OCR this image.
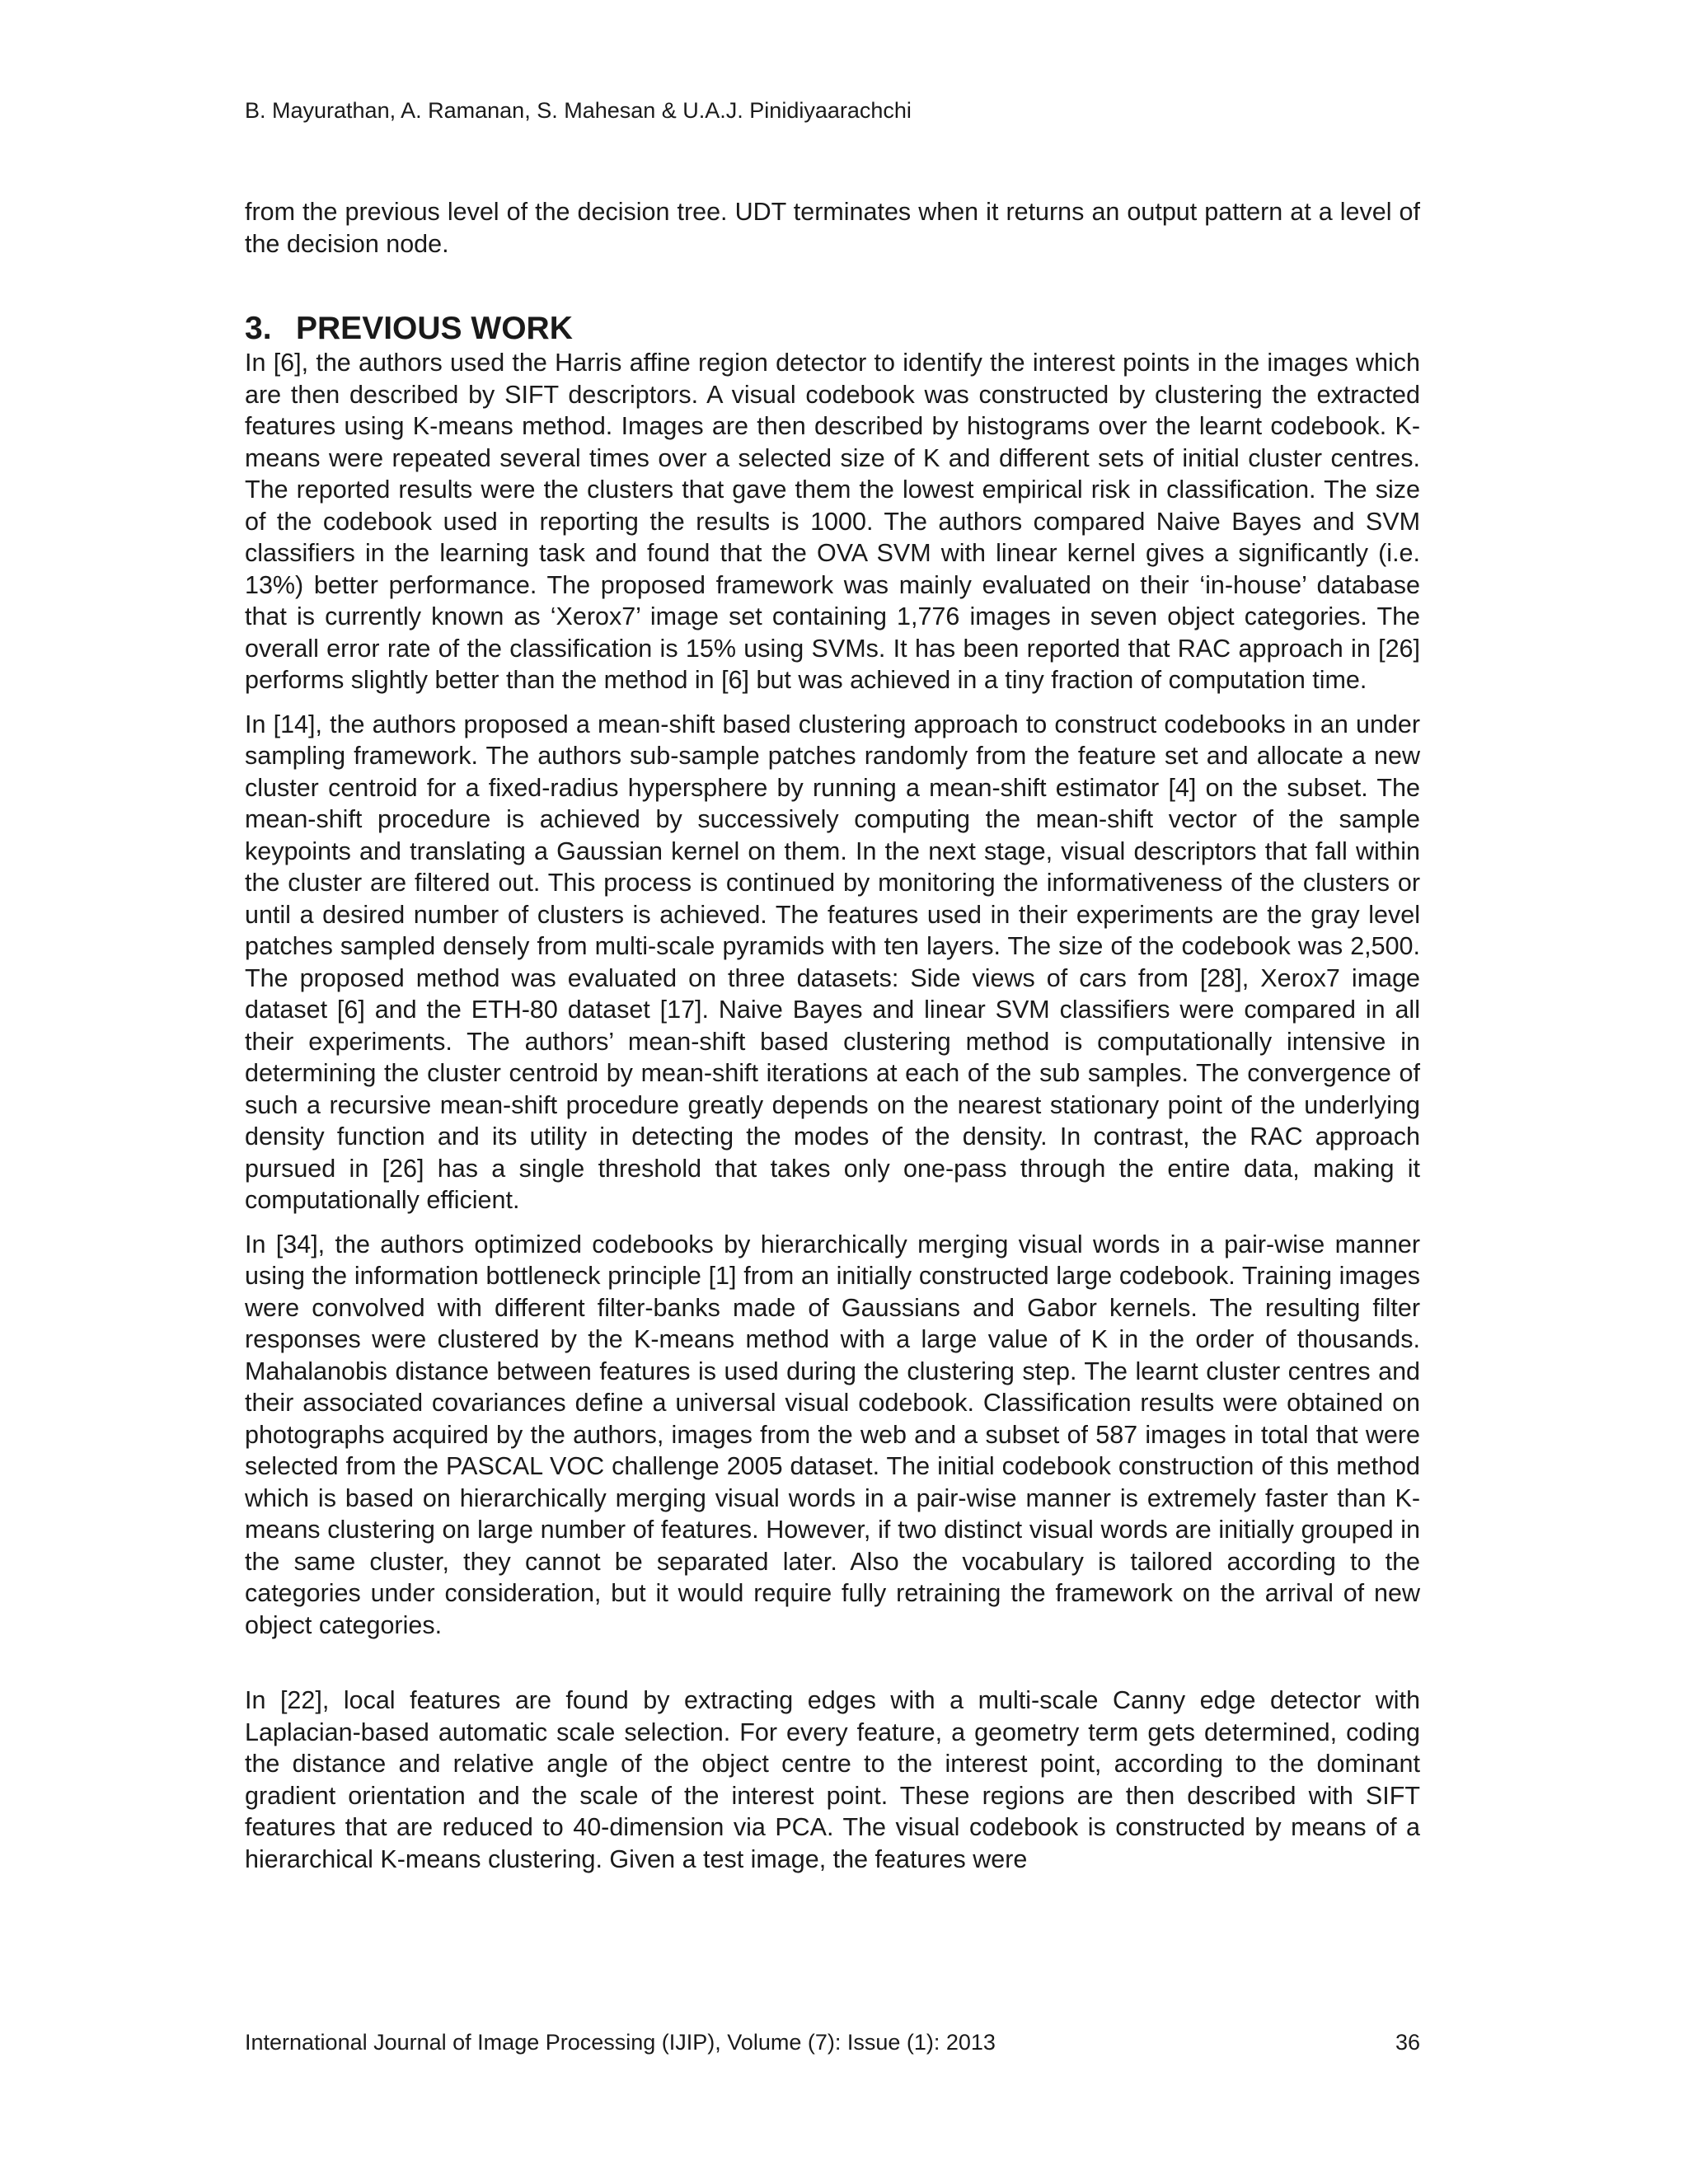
B. Mayurathan, A. Ramanan, S. Mahesan & U.A.J. Pinidiyaarachchi
from the previous level of the decision tree. UDT terminates when it returns an output pattern at a level of the decision node.
3. PREVIOUS WORK

In [6], the authors used the Harris affine region detector to identify the interest points in the images which are then described by SIFT descriptors. A visual codebook was constructed by clustering the extracted features using K-means method. Images are then described by histograms over the learnt codebook. K-means were repeated several times over a selected size of K and different sets of initial cluster centres. The reported results were the clusters that gave them the lowest empirical risk in classification. The size of the codebook used in reporting the results is 1000. The authors compared Naive Bayes and SVM classifiers in the learning task and found that the OVA SVM with linear kernel gives a significantly (i.e. 13%) better performance. The proposed framework was mainly evaluated on their ‘in-house’ database that is currently known as ‘Xerox7’ image set containing 1,776 images in seven object categories. The overall error rate of the classification is 15% using SVMs. It has been reported that RAC approach in [26] performs slightly better than the method in [6] but was achieved in a tiny fraction of computation time.

In [14], the authors proposed a mean-shift based clustering approach to construct codebooks in an under sampling framework. The authors sub-sample patches randomly from the feature set and allocate a new cluster centroid for a fixed-radius hypersphere by running a mean-shift estimator [4] on the subset. The mean-shift procedure is achieved by successively computing the mean-shift vector of the sample keypoints and translating a Gaussian kernel on them. In the next stage, visual descriptors that fall within the cluster are filtered out. This process is continued by monitoring the informativeness of the clusters or until a desired number of clusters is achieved. The features used in their experiments are the gray level patches sampled densely from multi-scale pyramids with ten layers. The size of the codebook was 2,500. The proposed method was evaluated on three datasets: Side views of cars from [28], Xerox7 image dataset [6] and the ETH-80 dataset [17]. Naive Bayes and linear SVM classifiers were compared in all their experiments. The authors’ mean-shift based clustering method is computationally intensive in determining the cluster centroid by mean-shift iterations at each of the sub samples. The convergence of such a recursive mean-shift procedure greatly depends on the nearest stationary point of the underlying density function and its utility in detecting the modes of the density. In contrast, the RAC approach pursued in [26] has a single threshold that takes only one-pass through the entire data, making it computationally efficient.

In [34], the authors optimized codebooks by hierarchically merging visual words in a pair-wise manner using the information bottleneck principle [1] from an initially constructed large codebook. Training images were convolved with different filter-banks made of Gaussians and Gabor kernels. The resulting filter responses were clustered by the K-means method with a large value of K in the order of thousands. Mahalanobis distance between features is used during the clustering step. The learnt cluster centres and their associated covariances define a universal visual codebook. Classification results were obtained on photographs acquired by the authors, images from the web and a subset of 587 images in total that were selected from the PASCAL VOC challenge 2005 dataset. The initial codebook construction of this method which is based on hierarchically merging visual words in a pair-wise manner is extremely faster than K-means clustering on large number of features. However, if two distinct visual words are initially grouped in the same cluster, they cannot be separated later. Also the vocabulary is tailored according to the categories under consideration, but it would require fully retraining the framework on the arrival of new object categories.

In [22], local features are found by extracting edges with a multi-scale Canny edge detector with Laplacian-based automatic scale selection. For every feature, a geometry term gets determined, coding the distance and relative angle of the object centre to the interest point, according to the dominant gradient orientation and the scale of the interest point. These regions are then described with SIFT features that are reduced to 40-dimension via PCA. The visual codebook is constructed by means of a hierarchical K-means clustering. Given a test image, the features were

International Journal of Image Processing (IJIP), Volume (7): Issue (1): 2013	36
